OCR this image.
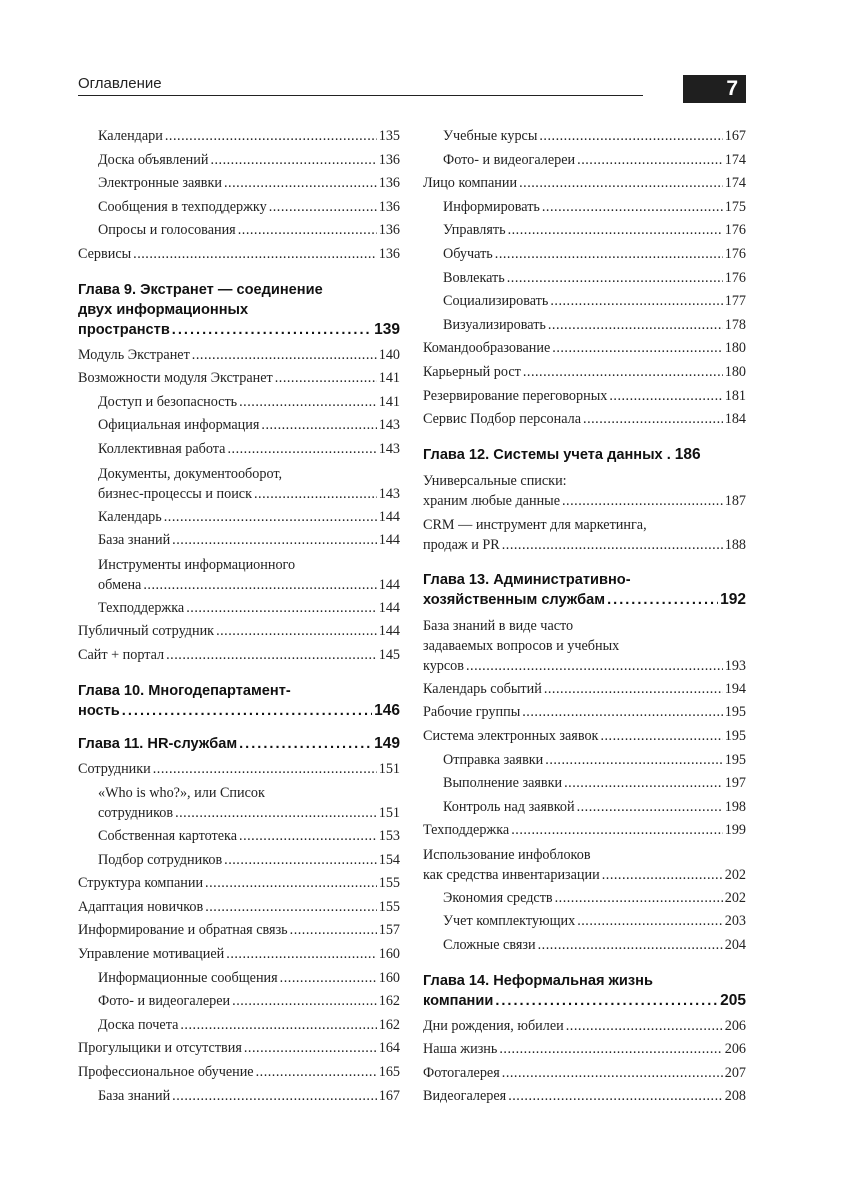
Оглавление	7
Календари .....	135
Доска объявлений .....	136
Электронные заявки .....	136
Сообщения в техподдержку .....	136
Опросы и голосования .....	136
Сервисы .....	136
Глава 9. Экстранет — соединение
двух информационных
пространств .....	139
Модуль Экстранет .....	140
Возможности модуля Экстранет .....	141
Доступ и безопасность .....	141
Официальная информация .....	143
Коллективная работа .....	143
Документы, документооборот,
бизнес-процессы и поиск .....	143
Календарь .....	144
База знаний .....	144
Инструменты информационного
обмена .....	144
Техподдержка .....	144
Публичный сотрудник .....	144
Сайт + портал .....	145
Глава 10. Многодепартамент-
ность .....	146
Глава 11. HR-службам .....	149
Сотрудники .....	151
«Who is who?», или Список
сотрудников .....	151
Собственная картотека .....	153
Подбор сотрудников .....	154
Структура компании .....	155
Адаптация новичков .....	155
Информирование и обратная связь .....	157
Управление мотивацией .....	160
Информационные сообщения .....	160
Фото- и видеогалереи .....	162
Доска почета .....	162
Прогулыцики и отсутствия .....	164
Профессиональное обучение .....	165
База знаний .....	167
Учебные курсы .....	167
Фото- и видеогалереи .....	174
Лицо компании .....	174
Информировать .....	175
Управлять .....	176
Обучать .....	176
Вовлекать .....	176
Социализировать .....	177
Визуализировать .....	178
Командообразование .....	180
Карьерный рост .....	180
Резервирование переговорных .....	181
Сервис Подбор персонала .....	184
Глава 12. Системы учета данных . 186
Универсальные списки:
храним любые данные .....	187
CRM — инструмент для маркетинга,
продаж и PR .....	188
Глава 13. Административно-
хозяйственным службам .....	192
База знаний в виде часто
задаваемых вопросов и учебных
курсов .....	193
Календарь событий .....	194
Рабочие группы .....	195
Система электронных заявок .....	195
Отправка заявки .....	195
Выполнение заявки .....	197
Контроль над заявкой .....	198
Техподдержка .....	199
Использование инфоблоков
как средства инвентаризации .....	202
Экономия средств .....	202
Учет комплектующих .....	203
Сложные связи .....	204
Глава 14. Неформальная жизнь
компании .....	205
Дни рождения, юбилеи .....	206
Наша жизнь .....	206
Фотогалерея .....	207
Видеогалерея .....	208
